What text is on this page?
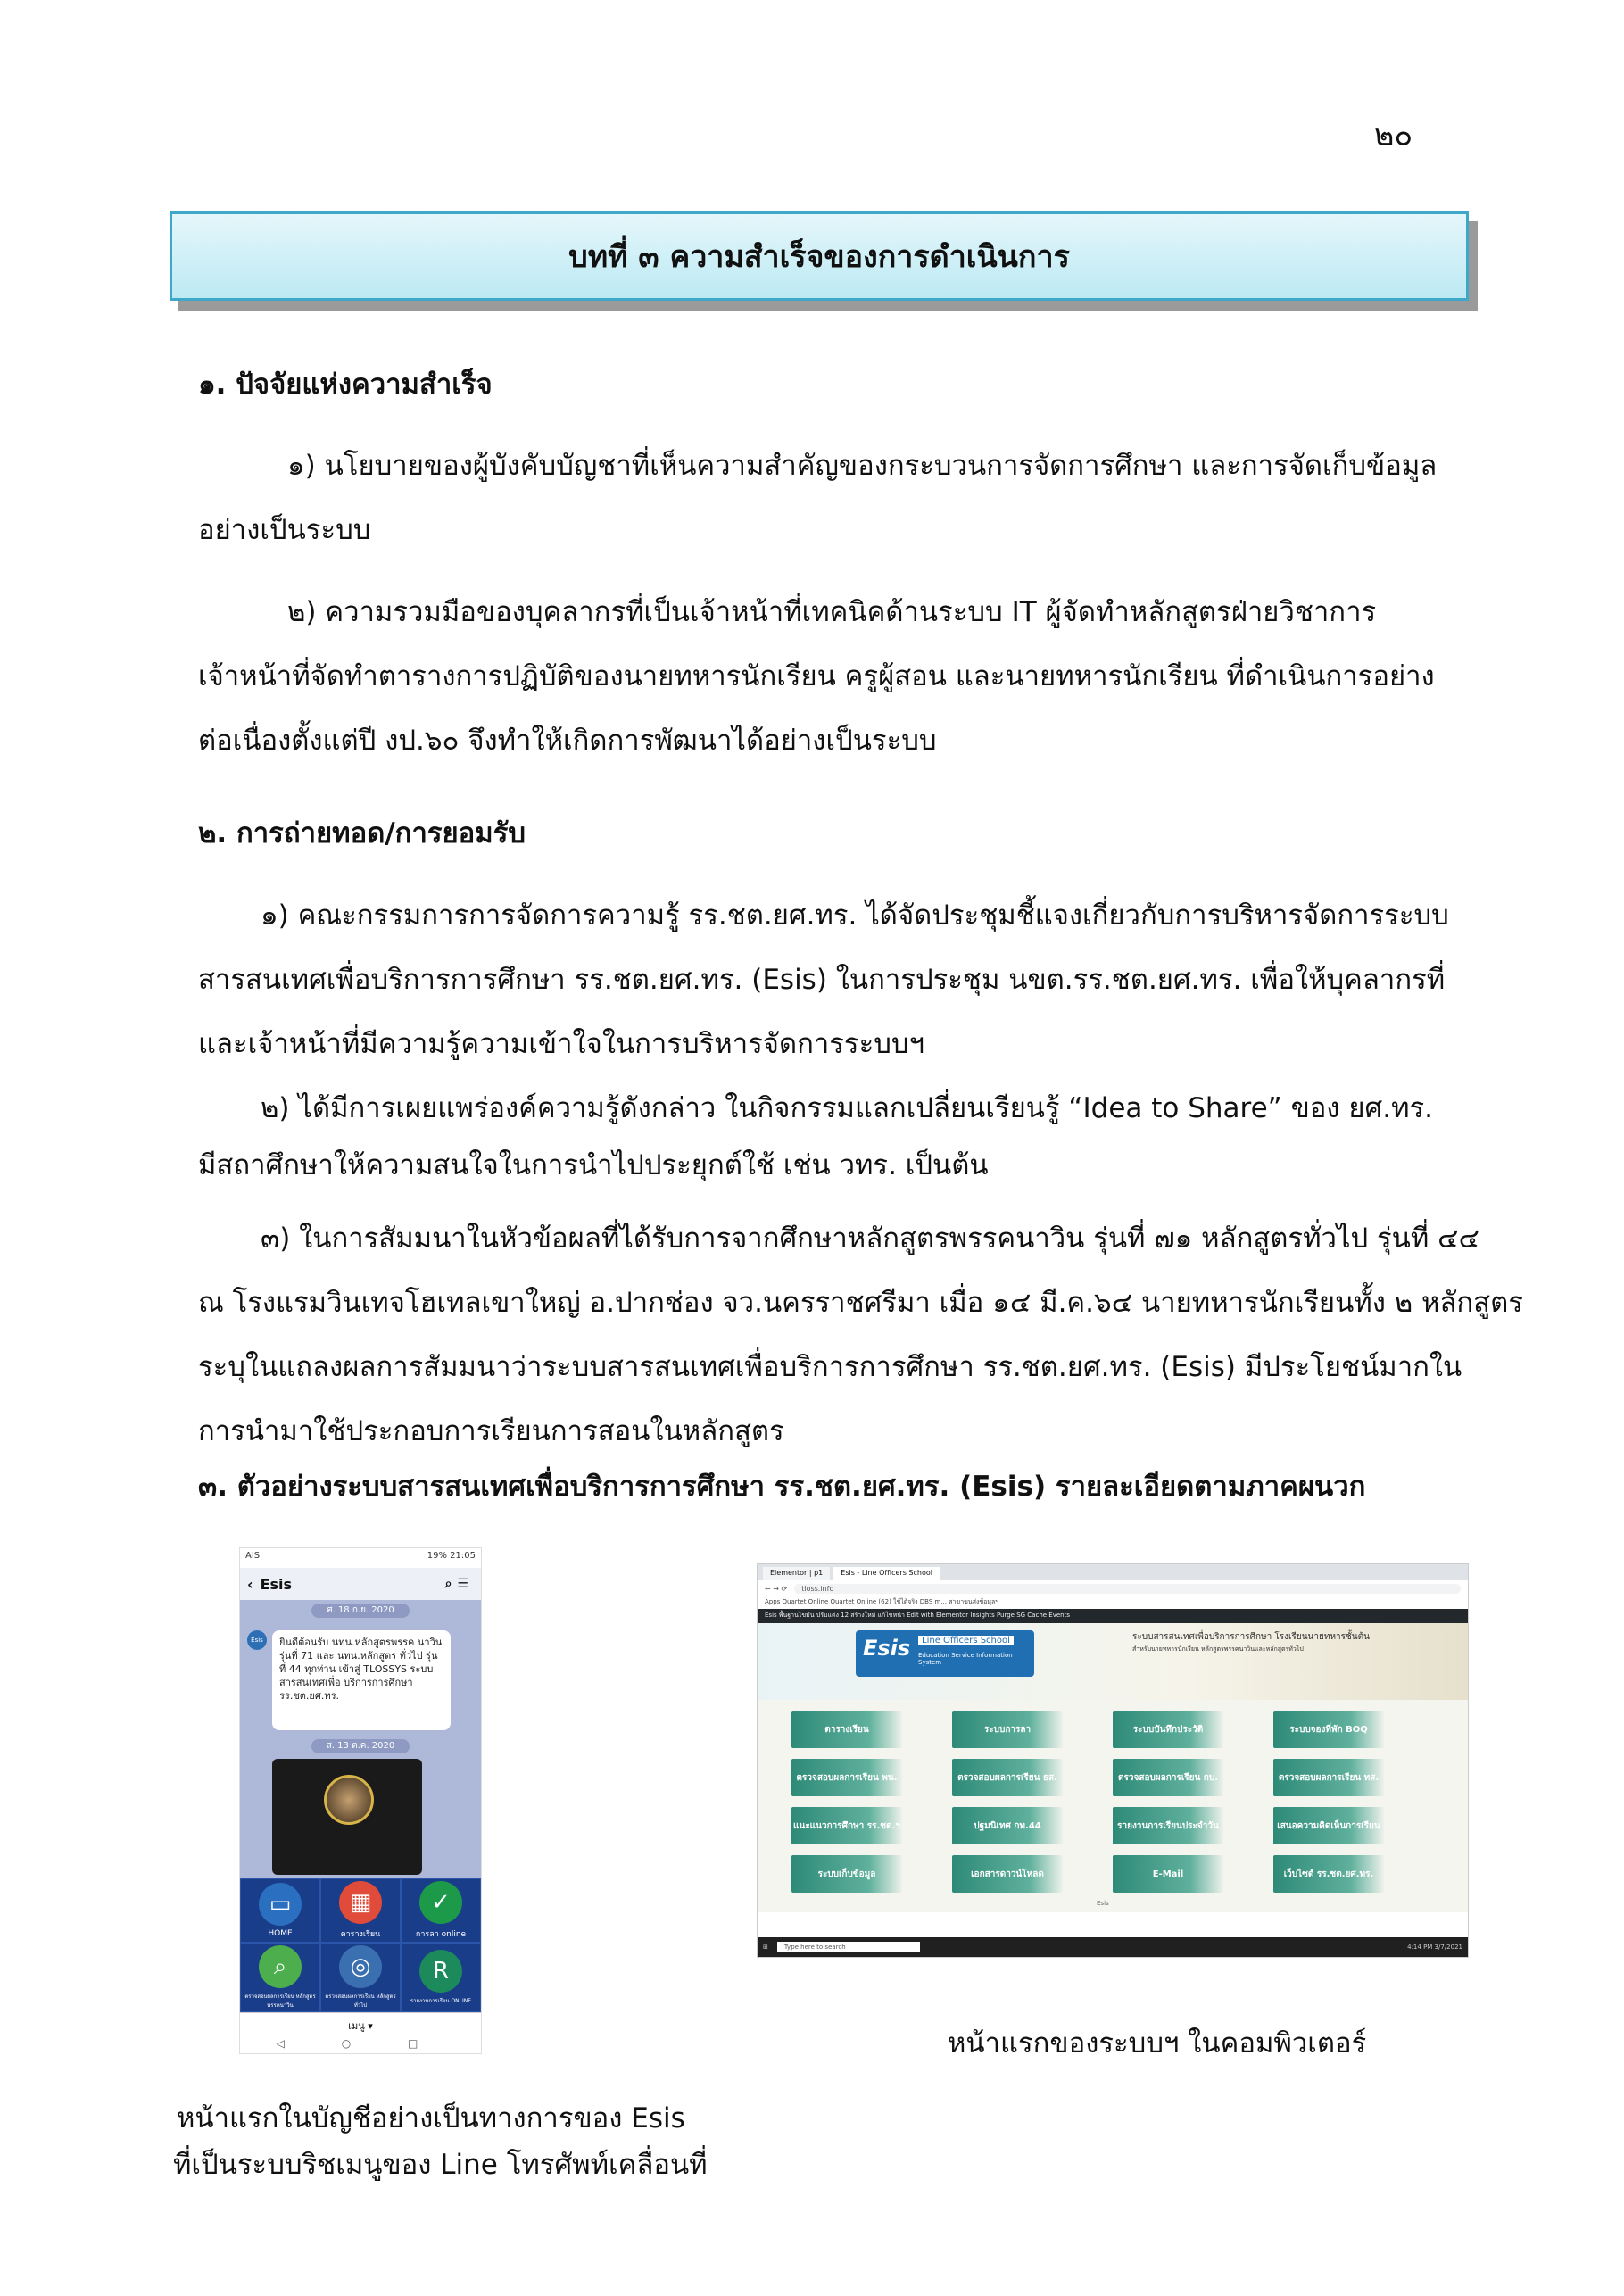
๒๐
บทที่ ๓ ความสำเร็จของการดำเนินการ
๑. ปัจจัยแห่งความสำเร็จ
๑) นโยบายของผู้บังคับบัญชาที่เห็นความสำคัญของกระบวนการจัดการศึกษา และการจัดเก็บข้อมูล
อย่างเป็นระบบ
๒) ความรวมมือของบุคลากรที่เป็นเจ้าหน้าที่เทคนิคด้านระบบ IT ผู้จัดทำหลักสูตรฝ่ายวิชาการ
เจ้าหน้าที่จัดทำตารางการปฏิบัติของนายทหารนักเรียน ครูผู้สอน และนายทหารนักเรียน ที่ดำเนินการอย่าง
ต่อเนื่องตั้งแต่ปี งป.๖๐ จึงทำให้เกิดการพัฒนาได้อย่างเป็นระบบ
๒. การถ่ายทอด/การยอมรับ
๑) คณะกรรมการการจัดการความรู้ รร.ชต.ยศ.ทร. ได้จัดประชุมชี้แจงเกี่ยวกับการบริหารจัดการระบบ
สารสนเทศเพื่อบริการการศึกษา รร.ชต.ยศ.ทร. (Esis) ในการประชุม นขต.รร.ชต.ยศ.ทร. เพื่อให้บุคลากรที่
และเจ้าหน้าที่มีความรู้ความเข้าใจในการบริหารจัดการระบบฯ
๒) ได้มีการเผยแพร่องค์ความรู้ดังกล่าว ในกิจกรรมแลกเปลี่ยนเรียนรู้ “Idea to Share” ของ ยศ.ทร.
มีสถาศึกษาให้ความสนใจในการนำไปประยุกต์ใช้ เช่น วทร. เป็นต้น
๓) ในการสัมมนาในหัวข้อผลที่ได้รับการจากศึกษาหลักสูตรพรรคนาวิน รุ่นที่ ๗๑ หลักสูตรทั่วไป รุ่นที่ ๔๔
ณ โรงแรมวินเทจโฮเทลเขาใหญ่ อ.ปากช่อง จว.นครราชศรีมา เมื่อ ๑๔ มี.ค.๖๔ นายทหารนักเรียนทั้ง ๒ หลักสูตร
ระบุในแถลงผลการสัมมนาว่าระบบสารสนเทศเพื่อบริการการศึกษา รร.ชต.ยศ.ทร. (Esis) มีประโยชน์มากใน
การนำมาใช้ประกอบการเรียนการสอนในหลักสูตร
๓. ตัวอย่างระบบสารสนเทศเพื่อบริการการศึกษา รร.ชต.ยศ.ทร. (Esis) รายละเอียดตามภาคผนวก
AIS	19% 21:05
‹ Esis	⌕☰
ศ. 18 ก.ย. 2020
Esis	ยินดีต้อนรับ นทน.หลักสูตรพรรค นาวิน รุ่นที่ 71 และ นทน.หลักสูตร ทั่วไป รุ่นที่ 44 ทุกท่าน เข้าสู่ TLOSSYS ระบบสารสนเทศเพื่อ บริการการศึกษา รร.ชต.ยศ.ทร.
ส. 13 ต.ค. 2020
▭
HOME
▦
ตารางเรียน
✓
การลา online
⌕
ตรวจสอบผลการเรียน หลักสูตรพรรคนาวิน
◎
ตรวจสอบผลการเรียน หลักสูตรทั่วไป
R
รายงานการเรียน ONLINE
เมนู ▾
◁ ○ □
Elementor | p1	Esis - Line Officers School
← → ⟳	tloss.info
Apps Quartet Online Quartet Online (62) ใช้ได้จริง DBS m... สาขาขนส่งข้อมูลฯ
Esis พื้นฐานไขมัน ปรับแต่ง 12 สร้างใหม่ แก้ไขหน้า Edit with Elementor Insights Purge SG Cache Events
Esis	Line Officers School
Education Service Information System
ระบบสารสนเทศเพื่อบริการการศึกษา โรงเรียนนายทหารชั้นต้น
สำหรับนายทหารนักเรียน หลักสูตรพรรคนาวินและหลักสูตรทั่วไป
ตารางเรียน	ระบบการลา	ระบบบันทึกประวัติ	ระบบจองที่พัก BOQ
ตรวจสอบผลการเรียน พน.	ตรวจสอบผลการเรียน ธส.	ตรวจสอบผลการเรียน กบ.	ตรวจสอบผลการเรียน ทส.
แนะแนวการศึกษา รร.ชต.ฯ	ปฐมนิเทศ กท.44	รายงานการเรียนประจำวัน	เสนอความคิดเห็นการเรียน
ระบบเก็บข้อมูล	เอกสารดาวน์โหลด	E-Mail	เว็บไซต์ รร.ชต.ยศ.ทร.
Esis
⊞	Type here to search	4:14 PM 3/7/2021
หน้าแรกในบัญชีอย่างเป็นทางการของ Esis
ที่เป็นระบบริชเมนูของ Line โทรศัพท์เคลื่อนที่
หน้าแรกของระบบฯ ในคอมพิวเตอร์
